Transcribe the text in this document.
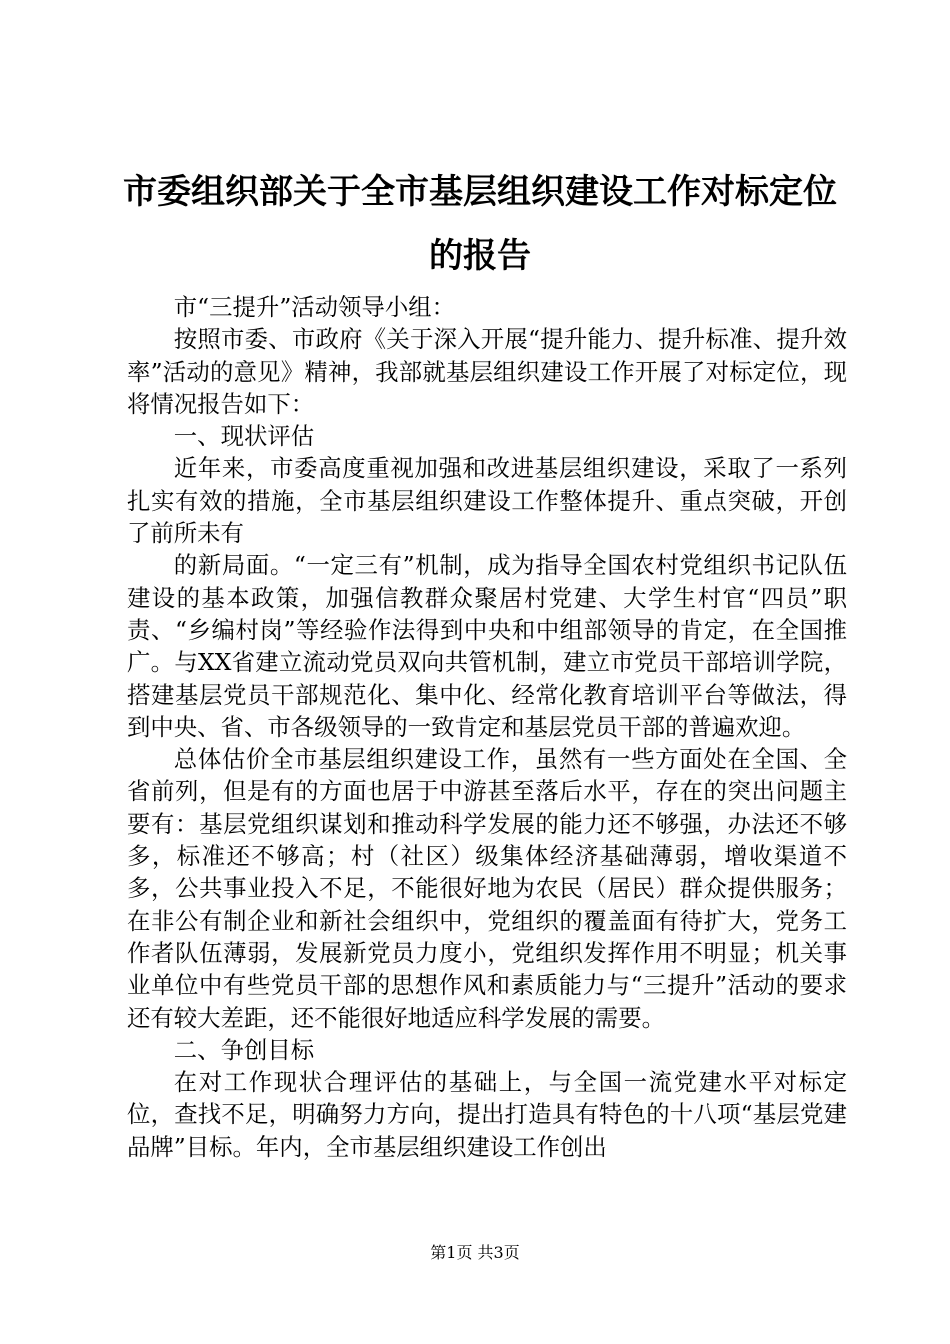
市委组织部关于全市基层组织建设工作对标定位的报告

市“三提升”活动领导小组：

按照市委、市政府《关于深入开展“提升能力、提升标准、提升效率”活动的意见》精神，我部就基层组织建设工作开展了对标定位，现将情况报告如下：

一、现状评估

近年来，市委高度重视加强和改进基层组织建设，采取了一系列扎实有效的措施，全市基层组织建设工作整体提升、重点突破，开创了前所未有

的新局面。“一定三有”机制，成为指导全国农村党组织书记队伍建设的基本政策，加强信教群众聚居村党建、大学生村官“四员”职责、“乡编村岗”等经验作法得到中央和中组部领导的肯定，在全国推广。与XX省建立流动党员双向共管机制，建立市党员干部培训学院，搭建基层党员干部规范化、集中化、经常化教育培训平台等做法，得到中央、省、市各级领导的一致肯定和基层党员干部的普遍欢迎。

总体估价全市基层组织建设工作，虽然有一些方面处在全国、全省前列，但是有的方面也居于中游甚至落后水平，存在的突出问题主要有：基层党组织谋划和推动科学发展的能力还不够强，办法还不够多，标准还不够高；村（社区）级集体经济基础薄弱，增收渠道不多，公共事业投入不足，不能很好地为农民（居民）群众提供服务；在非公有制企业和新社会组织中，党组织的覆盖面有待扩大，党务工作者队伍薄弱，发展新党员力度小，党组织发挥作用不明显；机关事业单位中有些党员干部的思想作风和素质能力与“三提升”活动的要求还有较大差距，还不能很好地适应科学发展的需要。

二、争创目标

在对工作现状合理评估的基础上，与全国一流党建水平对标定位，查找不足，明确努力方向，提出打造具有特色的十八项“基层党建品牌”目标。年内，全市基层组织建设工作创出

第1页 共3页
